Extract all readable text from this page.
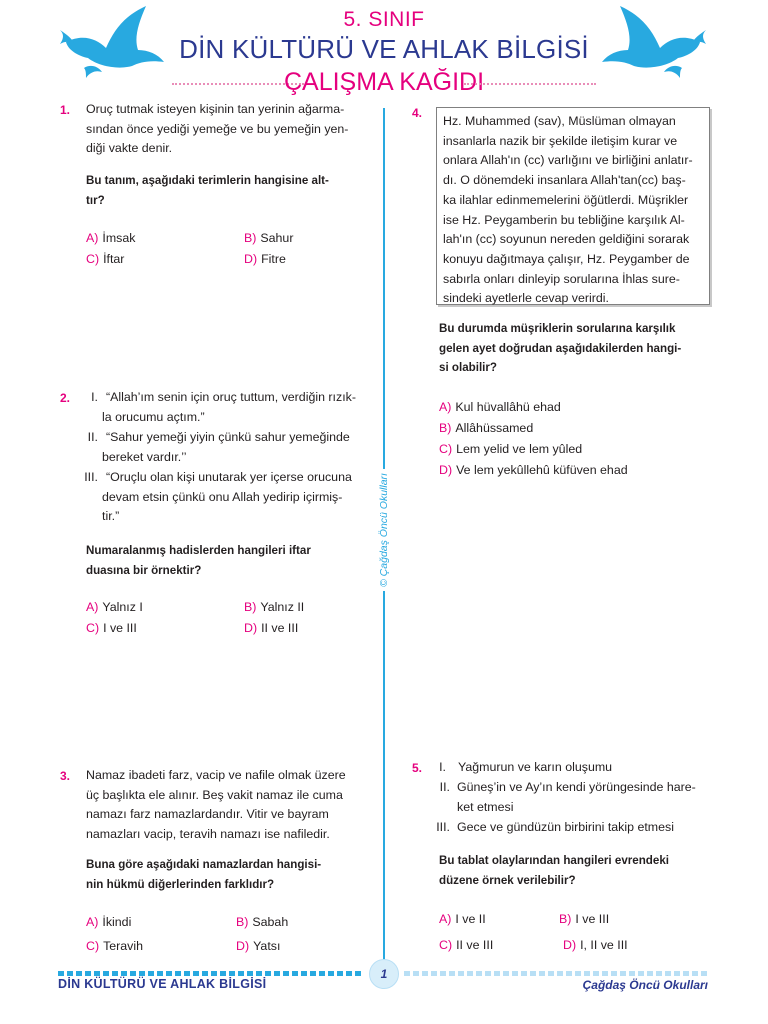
5. SINIF
DİN KÜLTÜRÜ VE AHLAK BİLGİSİ
ÇALIŞMA KAĞIDI
© Çağdaş Öncü Okulları
1. Oruç tutmak isteyen kişinin tan yerinin ağarma-
sından önce yediği yemeğe ve bu yemeğin yen-
diği vakte denir.
Bu tanım, aşağıdaki terimlerin hangisine alt-
tır?
A) İmsak	B) Sahur
C) İftar	D) Fitre
2.	I. “Allah’ım senin için oruç tuttum, verdiğin rızık-
la orucumu açtım.”
II. “Sahur yemeği yiyin çünkü sahur yemeğinde
bereket vardır.’’
III. “Oruçlu olan kişi unutarak yer içerse orucuna
devam etsin çünkü onu Allah yedirip içirmiş-
tir.”
Numaralanmış hadislerden hangileri iftar
duasına bir örnektir?
A) Yalnız I	B) Yalnız II
C) I ve III	D) II ve III
3. Namaz ibadeti farz, vacip ve nafile olmak üzere
üç başlıkta ele alınır. Beş vakit namaz ile cuma
namazı farz namazlardandır. Vitir ve bayram
namazları vacip, teravih namazı ise nafiledir.
Buna göre aşağıdaki namazlardan hangisi-
nin hükmü diğerlerinden farklıdır?
A) İkindi	B) Sabah
C) Teravih	D) Yatsı
4.
Hz. Muhammed (sav), Müslüman olmayan
insanlarla nazik bir şekilde iletişim kurar ve
onlara Allah'ın (cc) varlığını ve birliğini anlatır-
dı. O dönemdeki insanlara Allah'tan(cc) baş-
ka ilahlar edinmemelerini öğütlerdi. Müşrikler
ise Hz. Peygamberin bu tebliğine karşılık Al-
lah'ın (cc) soyunun nereden geldiğini sorarak
konuyu dağıtmaya çalışır, Hz. Peygamber de
sabırla onları dinleyip sorularına İhlas sure-
sindeki ayetlerle cevap verirdi.
Bu durumda müşriklerin sorularına karşılık
gelen ayet doğrudan aşağıdakilerden hangi-
si olabilir?
A) Kul hüvallâhü ehad
B) Allâhüssamed
C) Lem yelid ve lem yûled
D) Ve lem yekûllehû küfüven ehad
5.	I. Yağmurun ve karın oluşumu
II. Güneş’in ve Ay’ın kendi yörüngesinde hare-
ket etmesi
III. Gece ve gündüzün birbirini takip etmesi
Bu tablat olaylarından hangileri evrendeki
düzene örnek verilebilir?
A) I ve II	B) I ve III
C) II ve III	D) I, II ve III
1
DİN KÜLTÜRÜ VE AHLAK BİLGİSİ	Çağdaş Öncü Okulları
